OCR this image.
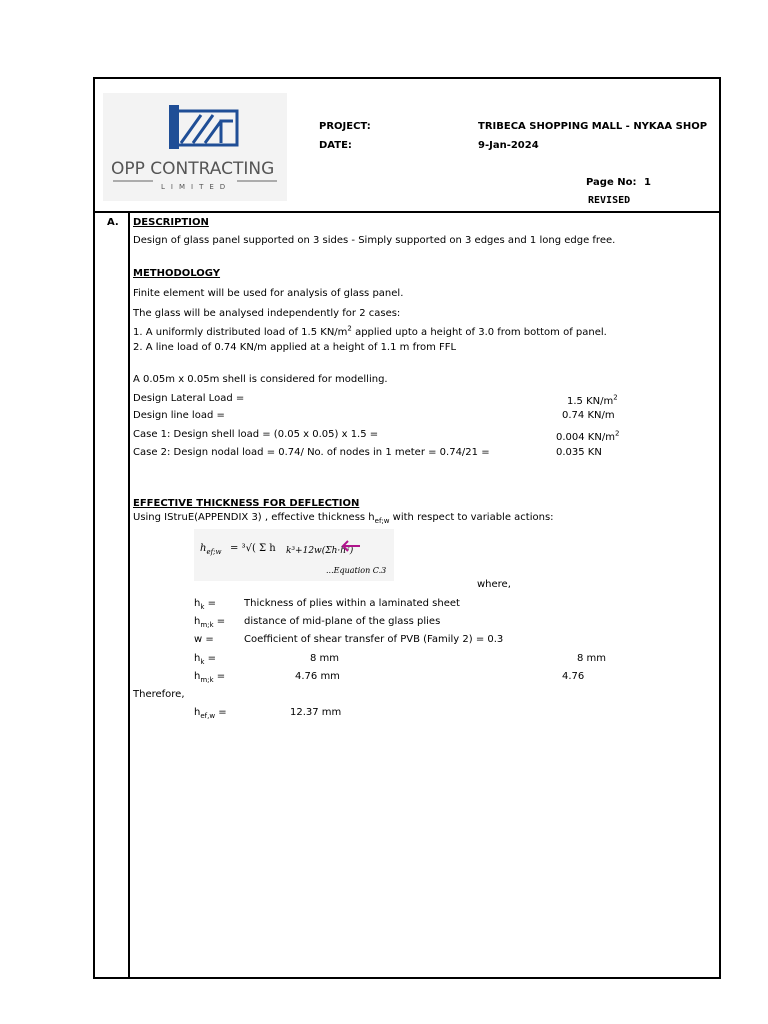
OPP CONTRACTING
LIMITED
PROJECT:	TRIBECA SHOPPING MALL - NYKAA SHOP
DATE:	9-Jan-2024
Page No: 1
REVISED
A. DESCRIPTION
Design of glass panel supported on 3 sides - Simply supported on 3 edges and 1 long edge free.
METHODOLOGY
Finite element will be used for analysis of glass panel.
The glass will be analysed independently for 2 cases:
1. A uniformly distributed load of 1.5 $KN/m^2$ applied upto a height of 3.0 from bottom of panel.
2. A line load of 0.74 KN/m applied at a height of 1.1 m from FFL
A 0.05m x 0.05m shell is considered for modelling.
Design Lateral Load =	1.5 $KN/m^2$
Design line load =	0.74 KN/m
Case 1: Design shell load = (0.05 x 0.05) x 1.5 =	0.004 $KN/m^2$
Case 2: Design nodal load = 0.74/ No. of nodes in 1 meter = 0.74/21 =	0.035 KN
EFFECTIVE THICKNESS FOR DEFLECTION
Using IStruE(APPENDIX 3) , effective thickness $h_{ef;w}$ with respect to variable actions:
$h_{ef;w} = ^3√$( Σ h k³+12w(Σh·h²)
...Equation C.3
where,
$h_k$ =	Thickness of plies within a laminated sheet
$h_{m;k}$ = distance of mid-plane of the glass plies
w =	Coefficient of shear transfer of PVB (Family 2) = 0.3
$h_k$ =	8 mm	8 mm
$h_{m;k}$ =	4.76 mm	4.76
Therefore,
$h_{ef,w}$ =	12.37 mm
